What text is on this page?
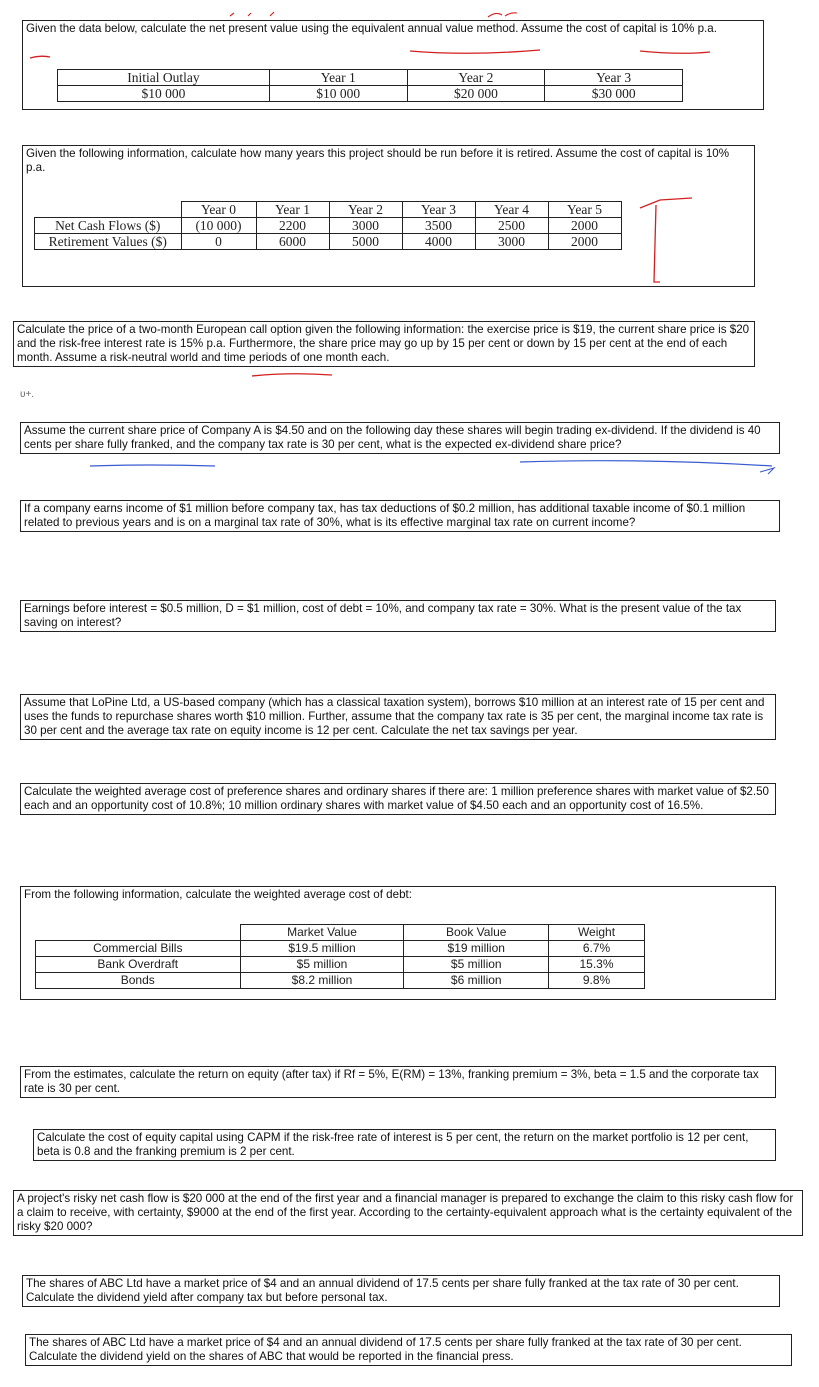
Given the data below, calculate the net present value using the equivalent annual value method. Assume the cost of capital is 10% p.a.
Initial Outlay	Year 1	Year 2	Year 3
$10 000	$10 000	$20 000	$30 000
Given the following information, calculate how many years this project should be run before it is retired. Assume the cost of capital is 10% p.a.
	Year 0	Year 1	Year 2	Year 3	Year 4	Year 5
Net Cash Flows ($)	(10 000)	2200	3000	3500	2500	2000
Retirement Values ($)	0	6000	5000	4000	3000	2000
Calculate the price of a two-month European call option given the following information: the exercise price is $19, the current share price is $20 and the risk-free interest rate is 15% p.a. Furthermore, the share price may go up by 15 per cent or down by 15 per cent at the end of each month. Assume a risk-neutral world and time periods of one month each.
ᴜ+.
Assume the current share price of Company A is $4.50 and on the following day these shares will begin trading ex-dividend. If the dividend is 40 cents per share fully franked, and the company tax rate is 30 per cent, what is the expected ex-dividend share price?
If a company earns income of $1 million before company tax, has tax deductions of $0.2 million, has additional taxable income of $0.1 million related to previous years and is on a marginal tax rate of 30%, what is its effective marginal tax rate on current income?
Earnings before interest = $0.5 million, D = $1 million, cost of debt = 10%, and company tax rate = 30%. What is the present value of the tax saving on interest?
Assume that LoPine Ltd, a US-based company (which has a classical taxation system), borrows $10 million at an interest rate of 15 per cent and uses the funds to repurchase shares worth $10 million. Further, assume that the company tax rate is 35 per cent, the marginal income tax rate is 30 per cent and the average tax rate on equity income is 12 per cent. Calculate the net tax savings per year.
Calculate the weighted average cost of preference shares and ordinary shares if there are: 1 million preference shares with market value of $2.50 each and an opportunity cost of 10.8%; 10 million ordinary shares with market value of $4.50 each and an opportunity cost of 16.5%.
From the following information, calculate the weighted average cost of debt:
	Market Value	Book Value	Weight
Commercial Bills	$19.5 million	$19 million	6.7%
Bank Overdraft	$5 million	$5 million	15.3%
Bonds	$8.2 million	$6 million	9.8%
From the estimates, calculate the return on equity (after tax) if Rf = 5%, E(RM) = 13%, franking premium = 3%, beta = 1.5 and the corporate tax rate is 30 per cent.
Calculate the cost of equity capital using CAPM if the risk-free rate of interest is 5 per cent, the return on the market portfolio is 12 per cent, beta is 0.8 and the franking premium is 2 per cent.
A project's risky net cash flow is $20 000 at the end of the first year and a financial manager is prepared to exchange the claim to this risky cash flow for a claim to receive, with certainty, $9000 at the end of the first year. According to the certainty-equivalent approach what is the certainty equivalent of the risky $20 000?
The shares of ABC Ltd have a market price of $4 and an annual dividend of 17.5 cents per share fully franked at the tax rate of 30 per cent. Calculate the dividend yield after company tax but before personal tax.
The shares of ABC Ltd have a market price of $4 and an annual dividend of 17.5 cents per share fully franked at the tax rate of 30 per cent. Calculate the dividend yield on the shares of ABC that would be reported in the financial press.
